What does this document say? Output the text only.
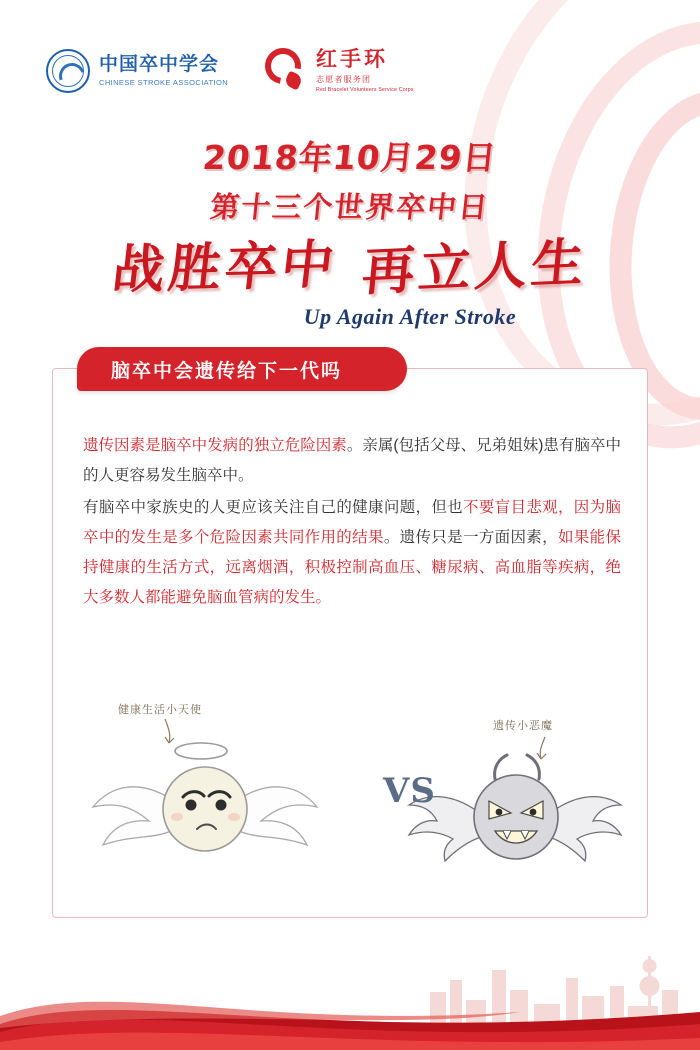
中国卒中学会
CHINESE STROKE ASSOCIATION
红手环
志愿者服务团
Red Bracelet Volunteers Service Corps
2018年10月29日
第十三个世界卒中日
战胜卒中 再立人生
Up Again After Stroke
脑卒中会遗传给下一代吗

遗传因素是脑卒中发病的独立危险因素。亲属(包括父母、兄弟姐妹)患有脑卒中的人更容易发生脑卒中。

有脑卒中家族史的人更应该关注自己的健康问题，但也不要盲目悲观，因为脑卒中的发生是多个危险因素共同作用的结果。遗传只是一方面因素，如果能保持健康的生活方式，远离烟酒，积极控制高血压、糖尿病、高血脂等疾病，绝大多数人都能避免脑血管病的发生。

健康生活小天使
遗传小恶魔
VS
